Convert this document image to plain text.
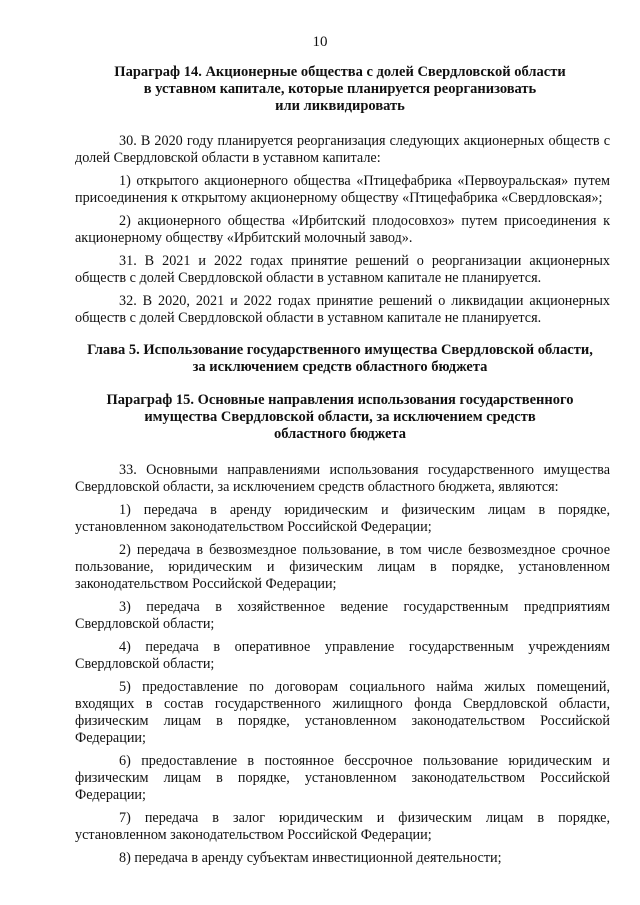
10
Параграф 14. Акционерные общества с долей Свердловской области
в уставном капитале, которые планируется реорганизовать
или ликвидировать

30. В 2020 году планируется реорганизация следующих акционерных обществ с долей Свердловской области в уставном капитале:

1) открытого акционерного общества «Птицефабрика «Первоуральская» путем присоединения к открытому акционерному обществу «Птицефабрика «Свердловская»;

2) акционерного общества «Ирбитский плодосовхоз» путем присоединения к акционерному обществу «Ирбитский молочный завод».

31. В 2021 и 2022 годах принятие решений о реорганизации акционерных обществ с долей Свердловской области в уставном капитале не планируется.

32. В 2020, 2021 и 2022 годах принятие решений о ликвидации акционерных обществ с долей Свердловской области в уставном капитале не планируется.

Глава 5. Использование государственного имущества Свердловской области,
за исключением средств областного бюджета
Параграф 15. Основные направления использования государственного
имущества Свердловской области, за исключением средств
областного бюджета

33. Основными направлениями использования государственного имущества Свердловской области, за исключением средств областного бюджета, являются:

1) передача в аренду юридическим и физическим лицам в порядке, установленном законодательством Российской Федерации;

2) передача в безвозмездное пользование, в том числе безвозмездное срочное пользование, юридическим и физическим лицам в порядке, установленном законодательством Российской Федерации;

3) передача в хозяйственное ведение государственным предприятиям Свердловской области;

4) передача в оперативное управление государственным учреждениям Свердловской области;

5) предоставление по договорам социального найма жилых помещений, входящих в состав государственного жилищного фонда Свердловской области, физическим лицам в порядке, установленном законодательством Российской Федерации;

6) предоставление в постоянное бессрочное пользование юридическим и физическим лицам в порядке, установленном законодательством Российской Федерации;

7) передача в залог юридическим и физическим лицам в порядке, установленном законодательством Российской Федерации;

8) передача в аренду субъектам инвестиционной деятельности;
